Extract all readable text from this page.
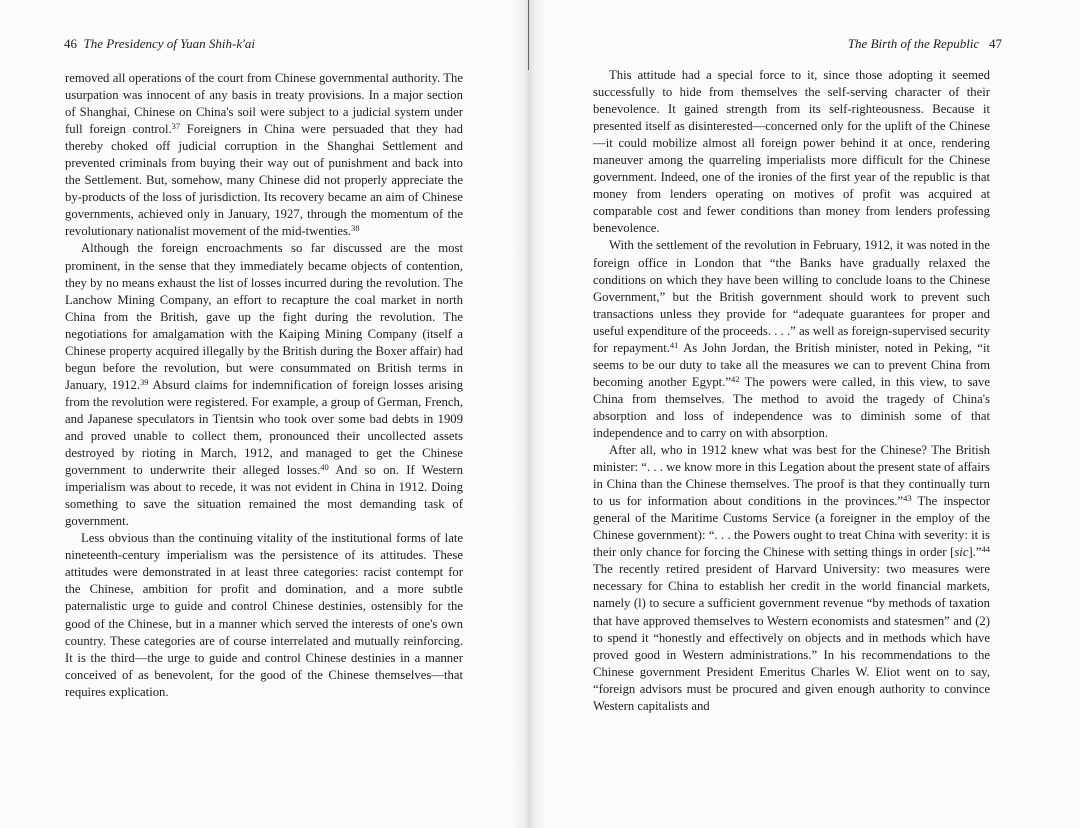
46 The Presidency of Yuan Shih-k'ai

removed all operations of the court from Chinese governmental authority. The usurpation was innocent of any basis in treaty provisions. In a major section of Shanghai, Chinese on China's soil were subject to a judicial system under full foreign control.$^{37}$ Foreigners in China were persuaded that they had thereby choked off judicial corruption in the Shanghai Settlement and prevented criminals from buying their way out of punishment and back into the Settlement. But, somehow, many Chinese did not properly appreciate the by-products of the loss of jurisdiction. Its recovery became an aim of Chinese governments, achieved only in January, 1927, through the momentum of the revolutionary nationalist movement of the mid-twenties.$^{38}$

Although the foreign encroachments so far discussed are the most prominent, in the sense that they immediately became objects of contention, they by no means exhaust the list of losses incurred during the revolution. The Lanchow Mining Company, an effort to recapture the coal market in north China from the British, gave up the fight during the revolution. The negotiations for amalgamation with the Kaiping Mining Company (itself a Chinese property acquired illegally by the British during the Boxer affair) had begun before the revolution, but were consummated on British terms in January, 1912.39 Absurd claims for indemnification of foreign losses arising from the revolution were registered. For example, a group of German, French, and Japanese speculators in Tientsin who took over some bad debts in 1909 and proved unable to collect them, pronounced their uncollected assets destroyed by rioting in March, 1912, and managed to get the Chinese government to underwrite their alleged losses.$^{40}$ And so on. If Western imperialism was about to recede, it was not evident in China in 1912. Doing something to save the situation remained the most demanding task of government.

Less obvious than the continuing vitality of the institutional forms of late nineteenth-century imperialism was the persistence of its attitudes. These attitudes were demonstrated in at least three categories: racist contempt for the Chinese, ambition for profit and domination, and a more subtle paternalistic urge to guide and control Chinese destinies, ostensibly for the good of the Chinese, but in a manner which served the interests of one's own country. These categories are of course interrelated and mutually reinforcing. It is the third—the urge to guide and control Chinese destinies in a manner conceived of as benevolent, for the good of the Chinese themselves—that requires explication.

The Birth of the Republic 47

This attitude had a special force to it, since those adopting it seemed successfully to hide from themselves the self-serving character of their benevolence. It gained strength from its self-righteousness. Because it presented itself as disinterested—concerned only for the uplift of the Chinese—it could mobilize almost all foreign power behind it at once, rendering maneuver among the quarreling imperialists more difficult for the Chinese government. Indeed, one of the ironies of the first year of the republic is that money from lenders operating on motives of profit was acquired at comparable cost and fewer conditions than money from lenders professing benevolence.

With the settlement of the revolution in February, 1912, it was noted in the foreign office in London that “the Banks have gradually relaxed the conditions on which they have been willing to conclude loans to the Chinese Government,” but the British government should work to prevent such transactions unless they provide for “adequate guarantees for proper and useful expenditure of the proceeds. . . .” as well as foreign-supervised security for repayment.$^{41}$ As John Jordan, the British minister, noted in Peking, “it seems to be our duty to take all the measures we can to prevent China from becoming another Egypt.”$^{42}$ The powers were called, in this view, to save China from themselves. The method to avoid the tragedy of China's absorption and loss of independence was to diminish some of that independence and to carry on with absorption.

After all, who in 1912 knew what was best for the Chinese? The British minister: “. . . we know more in this Legation about the present state of affairs in China than the Chinese themselves. The proof is that they continually turn to us for information about conditions in the provinces.”$^{43}$ The inspector general of the Maritime Customs Service (a foreigner in the employ of the Chinese government): “. . . the Powers ought to treat China with severity: it is their only chance for forcing the Chinese with setting things in order [sic].”$^{44}$ The recently retired president of Harvard University: two measures were necessary for China to establish her credit in the world financial markets, namely (l) to secure a sufficient government revenue “by methods of taxation that have approved themselves to Western economists and statesmen” and (2) to spend it “honestly and effectively on objects and in methods which have proved good in Western administrations.” In his recommendations to the Chinese government President Emeritus Charles W. Eliot went on to say, “foreign advisors must be procured and given enough authority to convince Western capitalists and
